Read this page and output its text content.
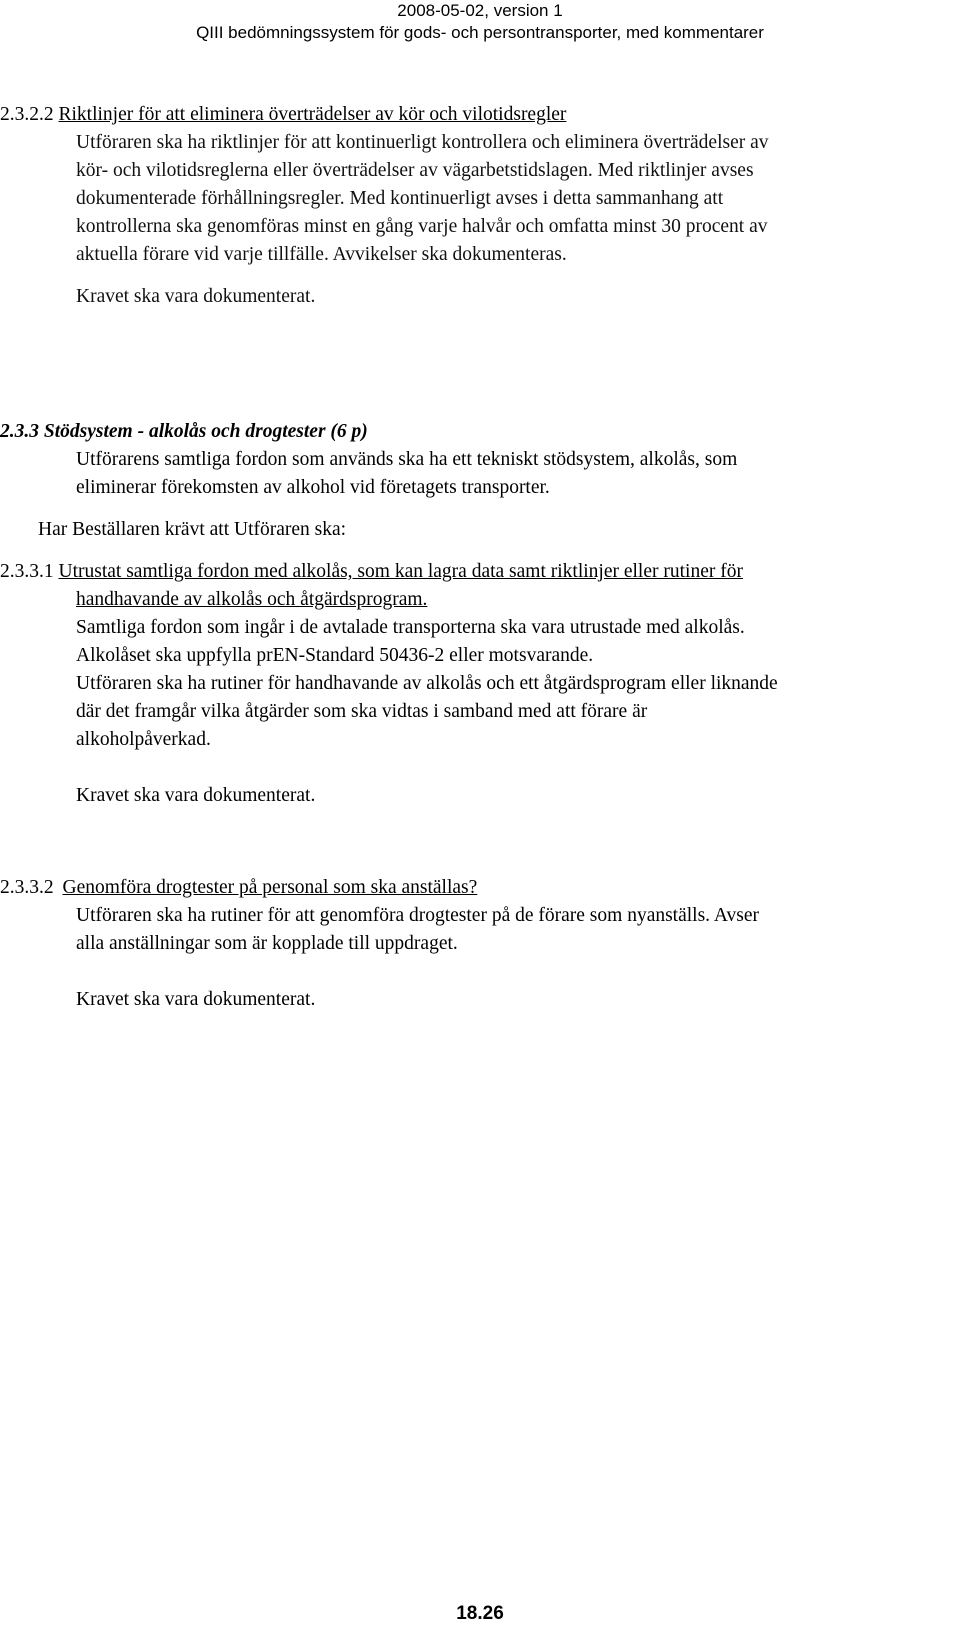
2008-05-02, version 1
QIII bedömningssystem för gods- och persontransporter, med kommentarer
2.3.2.2 Riktlinjer för att eliminera överträdelser av kör och vilotidsregler
Utföraren ska ha riktlinjer för att kontinuerligt kontrollera och eliminera överträdelser av
kör- och vilotidsreglerna eller överträdelser av vägarbetstidslagen. Med riktlinjer avses
dokumenterade förhållningsregler. Med kontinuerligt avses i detta sammanhang att
kontrollerna ska genomföras minst en gång varje halvår och omfatta minst 30 procent av
aktuella förare vid varje tillfälle. Avvikelser ska dokumenteras.
Kravet ska vara dokumenterat.
2.3.3 Stödsystem - alkolås och drogtester (6 p)
Utförarens samtliga fordon som används ska ha ett tekniskt stödsystem, alkolås, som
eliminerar förekomsten av alkohol vid företagets transporter.
Har Beställaren krävt att Utföraren ska:
2.3.3.1 Utrustat samtliga fordon med alkolås, som kan lagra data samt riktlinjer eller rutiner för
handhavande av alkolås och åtgärdsprogram.
Samtliga fordon som ingår i de avtalade transporterna ska vara utrustade med alkolås.
Alkolåset ska uppfylla prEN-Standard 50436-2 eller motsvarande.
Utföraren ska ha rutiner för handhavande av alkolås och ett åtgärdsprogram eller liknande
där det framgår vilka åtgärder som ska vidtas i samband med att förare är
alkoholpåverkad.
Kravet ska vara dokumenterat.
2.3.3.2 Genomföra drogtester på personal som ska anställas?
Utföraren ska ha rutiner för att genomföra drogtester på de förare som nyanställs. Avser
alla anställningar som är kopplade till uppdraget.
Kravet ska vara dokumenterat.
18.26
